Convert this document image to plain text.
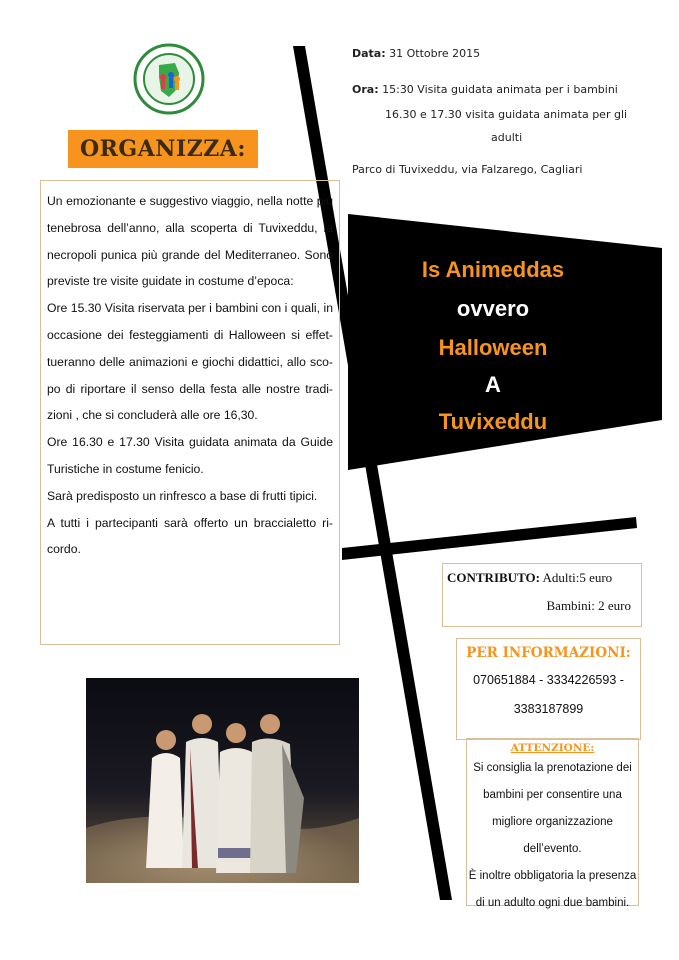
ORGANIZZA:
Data: 31 Ottobre 2015
Ora: 15:30 Visita guidata animata per i bambini
16.30 e 17.30 visita guidata animata per gli
adulti
Parco di Tuvixeddu, via Falzarego, Cagliari
Is Animeddas
ovvero
Halloween
A
Tuvixeddu

Un emozionante e suggestivo viaggio, nella notte più tenebrosa dell’anno, alla scoperta di Tuvixeddu, la necropoli punica più grande del Mediterraneo. Sono previste tre visite guidate in costume d’epoca:

Ore 15.30 Visita riservata per i bambini con i quali, in occasione dei festeggiamenti di Halloween si effet-tueranno delle animazioni e giochi didattici, allo sco-po di riportare il senso della festa alle nostre tradi-zioni , che si concluderà alle ore 16,30.

Ore 16.30 e 17.30 Visita guidata animata da Guide Turistiche in costume fenicio.

Sarà predisposto un rinfresco a base di frutti tipici.

A tutti i partecipanti sarà offerto un braccialetto ri-cordo.

CONTRIBUTO: Adulti:5 euro
Bambini: 2 euro
PER INFORMAZIONI:
070651884 - 3334226593 -
3383187899
ATTENZIONE:
Si consiglia la prenotazione dei
bambini per consentire una
migliore organizzazione dell’evento.
È inoltre obbligatoria la presenza
di un adulto ogni due bambini.
